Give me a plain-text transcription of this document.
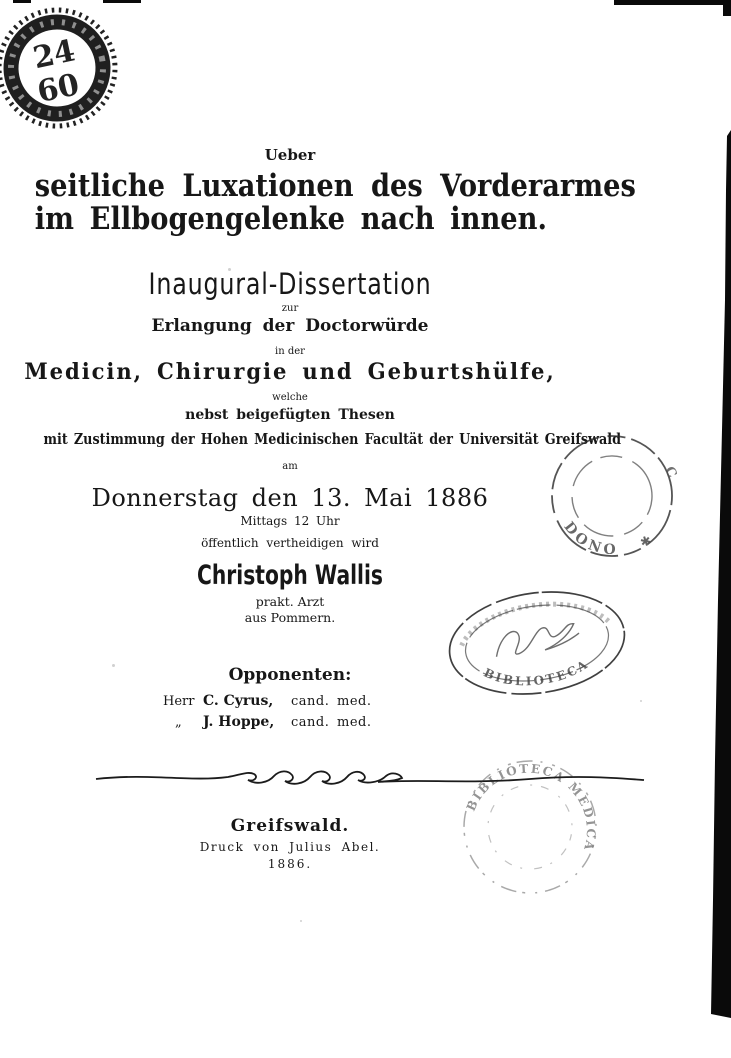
24
60
Ueber
seitliche Luxationen des Vorderarmes
im Ellbogengelenke nach innen.
Inaugural-Dissertation
zur
Erlangung der Doctorwürde
in der
Medicin, Chirurgie und Geburtshülfe,
welche
nebst beigefügten Thesen
mit Zustimmung der Hohen Medicinischen Facultät der Universität Greifswald
am
Donnerstag den 13. Mai 1886
Mittags 12 Uhr
öffentlich vertheidigen wird
Christoph Wallis
prakt. Arzt
aus Pommern.
DONO
C
✱
BIBLIOTECA
Opponenten:
Herr C. Cyrus, cand. med.
„ J. Hoppe, cand. med.
BIBLIOTECA MEDICA
Greifswald.
Druck von Julius Abel.
1886.
